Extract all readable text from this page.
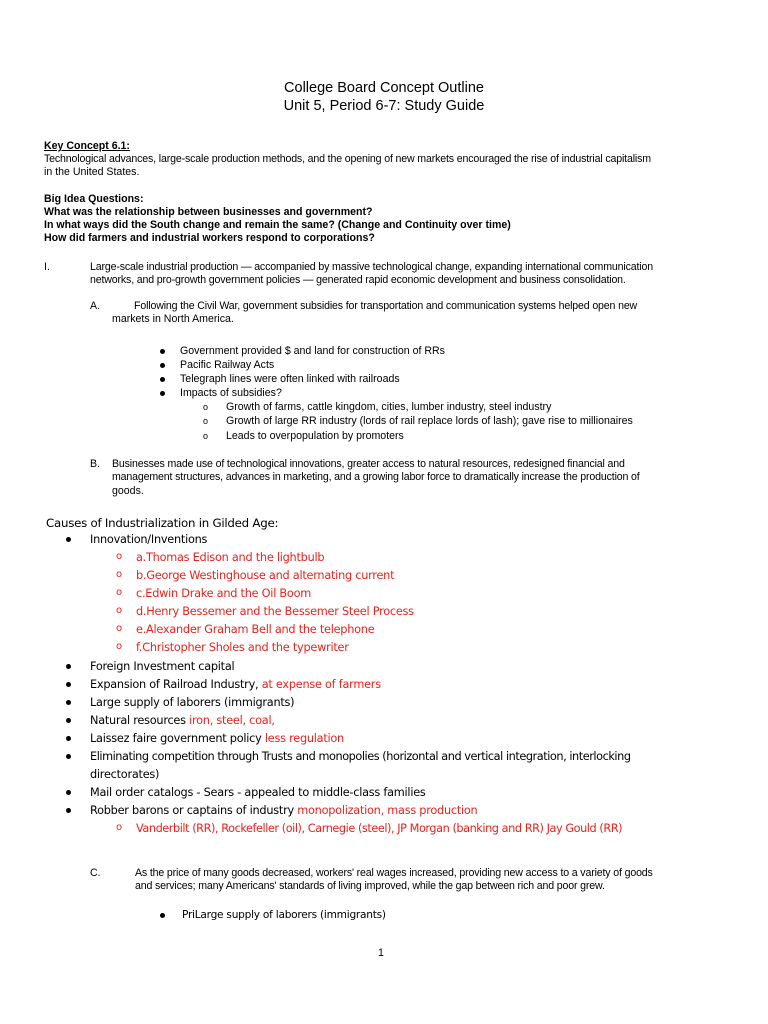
College Board Concept Outline
Unit 5, Period 6-7: Study Guide
Key Concept 6.1:
Technological advances, large-scale production methods, and the opening of new markets encouraged the rise of industrial capitalism
in the United States.
Big Idea Questions:
What was the relationship between businesses and government?
In what ways did the South change and remain the same? (Change and Continuity over time)
How did farmers and industrial workers respond to corporations?
I.	Large-scale industrial production — accompanied by massive technological change, expanding international communication
networks, and pro-growth government policies — generated rapid economic development and business consolidation.
A.	Following the Civil War, government subsidies for transportation and communication systems helped open new
markets in North America.
Government provided $ and land for construction of RRs
Pacific Railway Acts
Telegraph lines were often linked with railroads
Impacts of subsidies?
o Growth of farms, cattle kingdom, cities, lumber industry, steel industry
o Growth of large RR industry (lords of rail replace lords of lash); gave rise to millionaires
o Leads to overpopulation by promoters
B. Businesses made use of technological innovations, greater access to natural resources, redesigned financial and
management structures, advances in marketing, and a growing labor force to dramatically increase the production of
goods.
Causes of Industrialization in Gilded Age:
Innovation/Inventions
o a.Thomas Edison and the lightbulb
o b.George Westinghouse and alternating current
o c.Edwin Drake and the Oil Boom
o d.Henry Bessemer and the Bessemer Steel Process
o e.Alexander Graham Bell and the telephone
o f.Christopher Sholes and the typewriter
Foreign Investment capital
Expansion of Railroad Industry, at expense of farmers
Large supply of laborers (immigrants)
Natural resources iron, steel, coal,
Laissez faire government policy less regulation
Eliminating competition through Trusts and monopolies (horizontal and vertical integration, interlocking
directorates)
Mail order catalogs - Sears - appealed to middle-class families
Robber barons or captains of industry monopolization, mass production
o Vanderbilt (RR), Rockefeller (oil), Carnegie (steel), JP Morgan (banking and RR) Jay Gould (RR)
C.	As the price of many goods decreased, workers' real wages increased, providing new access to a variety of goods
and services; many Americans' standards of living improved, while the gap between rich and poor grew.
PriLarge supply of laborers (immigrants)
1
